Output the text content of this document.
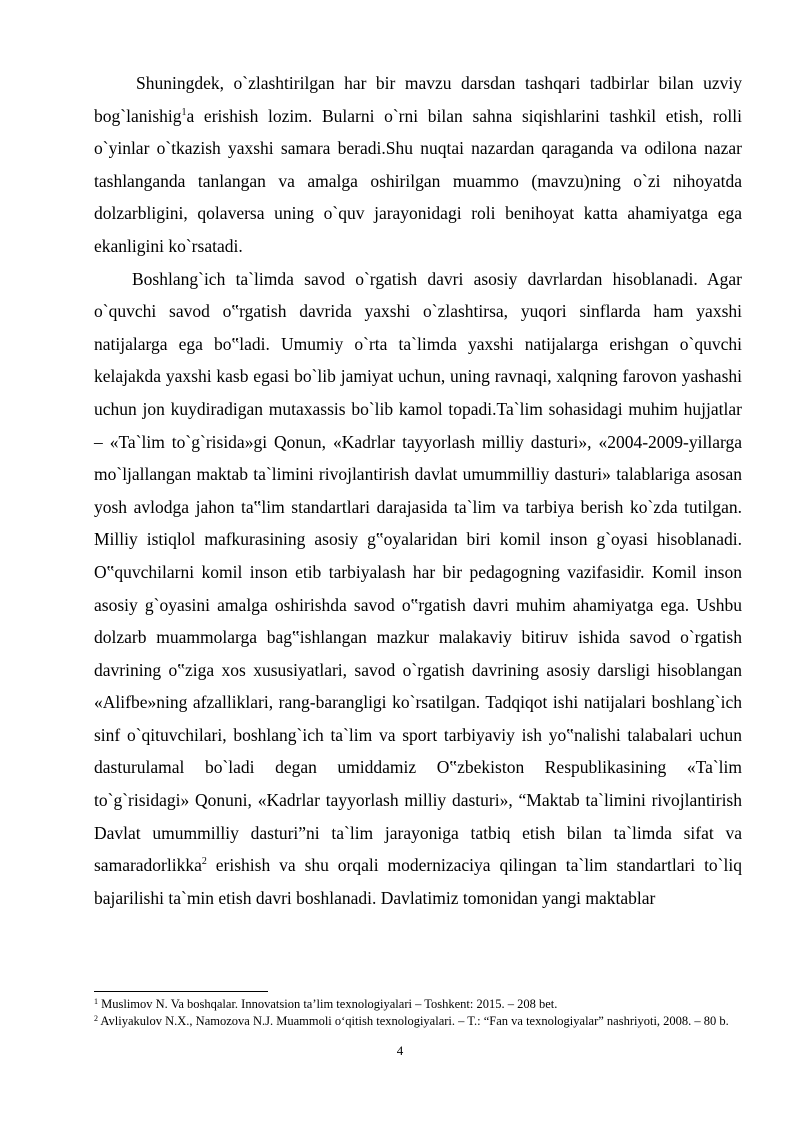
Shuningdek, o`zlashtirilgan har bir mavzu darsdan tashqari tadbirlar bilan uzviy bog`lanishig$^1$a erishish lozim. Bularni o`rni bilan sahna siqishlarini tashkil etish, rolli o`yinlar o`tkazish yaxshi samara beradi.Shu nuqtai nazardan qaraganda va odilona nazar tashlanganda tanlangan va amalga oshirilgan muammo (mavzu)ning o`zi nihoyatda dolzarbligini, qolaversa uning o`quv jarayonidagi roli benihoyat katta ahamiyatga ega ekanligini ko`rsatadi.

Boshlang`ich ta`limda savod o`rgatish davri asosiy davrlardan hisoblanadi. Agar o`quvchi savod o‟rgatish davrida yaxshi o`zlashtirsa, yuqori sinflarda ham yaxshi natijalarga ega bo‟ladi. Umumiy o`rta ta`limda yaxshi natijalarga erishgan o`quvchi kelajakda yaxshi kasb egasi bo`lib jamiyat uchun, uning ravnaqi, xalqning farovon yashashi uchun jon kuydiradigan mutaxassis bo`lib kamol topadi.Ta`lim sohasidagi muhim hujjatlar – «Ta`lim to`g`risida»gi Qonun, «Kadrlar tayyorlash milliy dasturi», «2004-2009-yillarga mo`ljallangan maktab ta`limini rivojlantirish davlat umummilliy dasturi» talablariga asosan yosh avlodga jahon ta‟lim standartlari darajasida ta`lim va tarbiya berish ko`zda tutilgan. Milliy istiqlol mafkurasining asosiy g‟oyalaridan biri komil inson g`oyasi hisoblanadi. O‟quvchilarni komil inson etib tarbiyalash har bir pedagogning vazifasidir. Komil inson asosiy g`oyasini amalga oshirishda savod o‟rgatish davri muhim ahamiyatga ega. Ushbu dolzarb muammolarga bag‟ishlangan mazkur malakaviy bitiruv ishida savod o`rgatish davrining o‟ziga xos xususiyatlari, savod o`rgatish davrining asosiy darsligi hisoblangan «Alifbe»ning afzalliklari, rang-barangligi ko`rsatilgan. Tadqiqot ishi natijalari boshlang`ich sinf o`qituvchilari, boshlang`ich ta`lim va sport tarbiyaviy ish yo‟nalishi talabalari uchun dasturulamal bo`ladi degan umiddamiz O‟zbekiston Respublikasining «Ta`lim to`g`risidagi» Qonuni, «Kadrlar tayyorlash milliy dasturi», “Maktab ta`limini rivojlantirish Davlat umummilliy dasturi”ni ta`lim jarayoniga tatbiq etish bilan ta`limda sifat va samaradorlikka$^2$ erishish va shu orqali modernizaciya qilingan ta`lim standartlari to`liq bajarilishi ta`min etish davri boshlanadi. Davlatimiz tomonidan yangi maktablar

$^1$ Muslimov N. Va boshqalar. Innovatsion ta’lim texnologiyalari – Toshkent: 2015. – 208 bet.

$^2$ Avliyakulov N.X., Namozova N.J. Muammoli o‘qitish texnologiyalari. – T.: “Fan va texnologiyalar” nashriyoti, 2008. – 80 b.

4
